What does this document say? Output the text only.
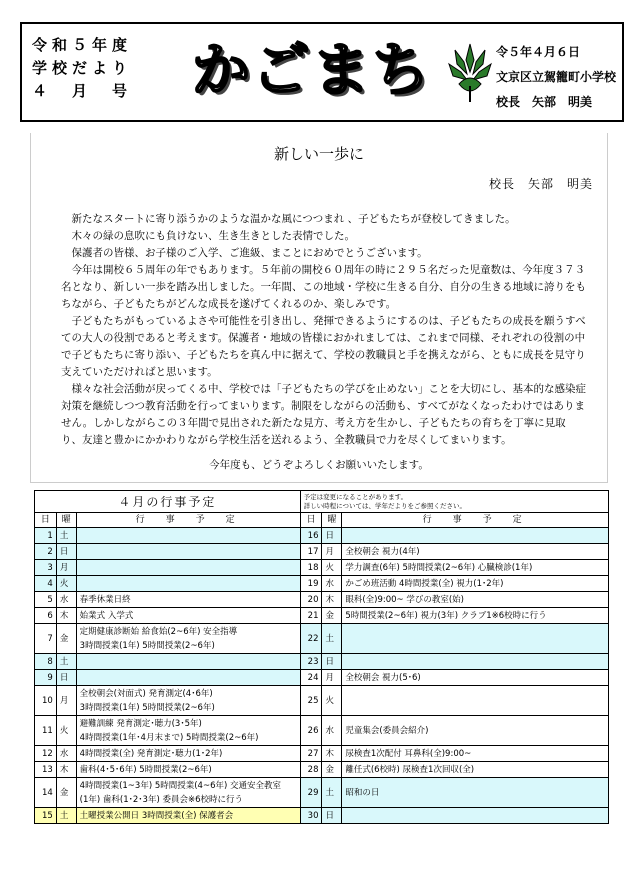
令和５年度
学校だより
４　月　号	かごまち	令５年４月６日
文京区立駕籠町小学校
校長　矢部　明美
新しい一歩に
校長　矢部　明美

新たなスタートに寄り添うかのような温かな風につつまれ 、子どもたちが登校してきました。

木々の緑の息吹にも負けない、生き生きとした表情でした。

保護者の皆様、お子様のご入学、ご進級、まことにおめでとうございます。

今年は開校６５周年の年でもあります。５年前の開校６０周年の時に２９５名だった児童数は、今年度３７３名となり、新しい一歩を踏み出しました。一年間、この地域・学校に生きる自分、自分の生きる地域に誇りをもちながら、子どもたちがどんな成長を遂げてくれるのか、楽しみです。

子どもたちがもっているよさや可能性を引き出し、発揮できるようにするのは、子どもたちの成長を願うすべての大人の役割であると考えます。保護者・地域の皆様におかれましては、これまで同様、それぞれの役割の中で子どもたちに寄り添い、子どもたちを真ん中に据えて、学校の教職員と手を携えながら、ともに成長を見守り支えていただければと思います。

様々な社会活動が戻ってくる中、学校では「子どもたちの学びを止めない」ことを大切にし、基本的な感染症対策を継続しつつ教育活動を行ってまいります。制限をしながらの活動も、すべてがなくなったわけではありません。しかしながらこの３年間で見出された新たな見方、考え方を生かし、子どもたちの育ちを丁寧に見取り、友達と豊かにかかわりながら学校生活を送れるよう、全教職員で力を尽くしてまいります。

今年度も、どうぞよろしくお願いいたします。
４月の行事予定			予定は変更になることがあります。
詳しい時程については、学年だよりをご参照ください。		
日	曜	行　事　予　定	日	曜	行　事　予　定
1	土		16	日	
2	日		17	月	全校朝会 視力(4年)
3	月		18	火	学力調査(6年) 5時間授業(2~6年) 心臓検診(1年)
4	火		19	水	かごめ班活動 4時間授業(全) 視力(1･2年)
5	水	春季休業日終	20	木	眼科(全)9:00~ 学びの教室(始)
6	木	始業式 入学式	21	金	5時間授業(2~6年) 視力(3年) クラブ1※6校時に行う
7	金	定期健康診断始 給食始(2~6年) 安全指導
3時間授業(1年) 5時間授業(2~6年)	22	土	
8	土		23	日	
9	日		24	月	全校朝会 視力(5･6)
10	月	全校朝会(対面式) 発育測定(4･6年)
3時間授業(1年) 5時間授業(2~6年)	25	火	
11	火	避難訓練 発育測定･聴力(3･5年)
4時間授業(1年･4月末まで) 5時間授業(2~6年)	26	水	児童集会(委員会紹介)
12	水	4時間授業(全) 発育測定･聴力(1･2年)	27	木	尿検査1次配付 耳鼻科(全)9:00~
13	木	歯科(4･5･6年) 5時間授業(2~6年)	28	金	離任式(6校時) 尿検査1次回収(全)
14	金	4時間授業(1~3年) 5時間授業(4~6年) 交通安全教室
(1年) 歯科(1･2･3年) 委員会※6校時に行う	29	土	昭和の日
15	土	土曜授業公開日 3時間授業(全) 保護者会	30	日	
